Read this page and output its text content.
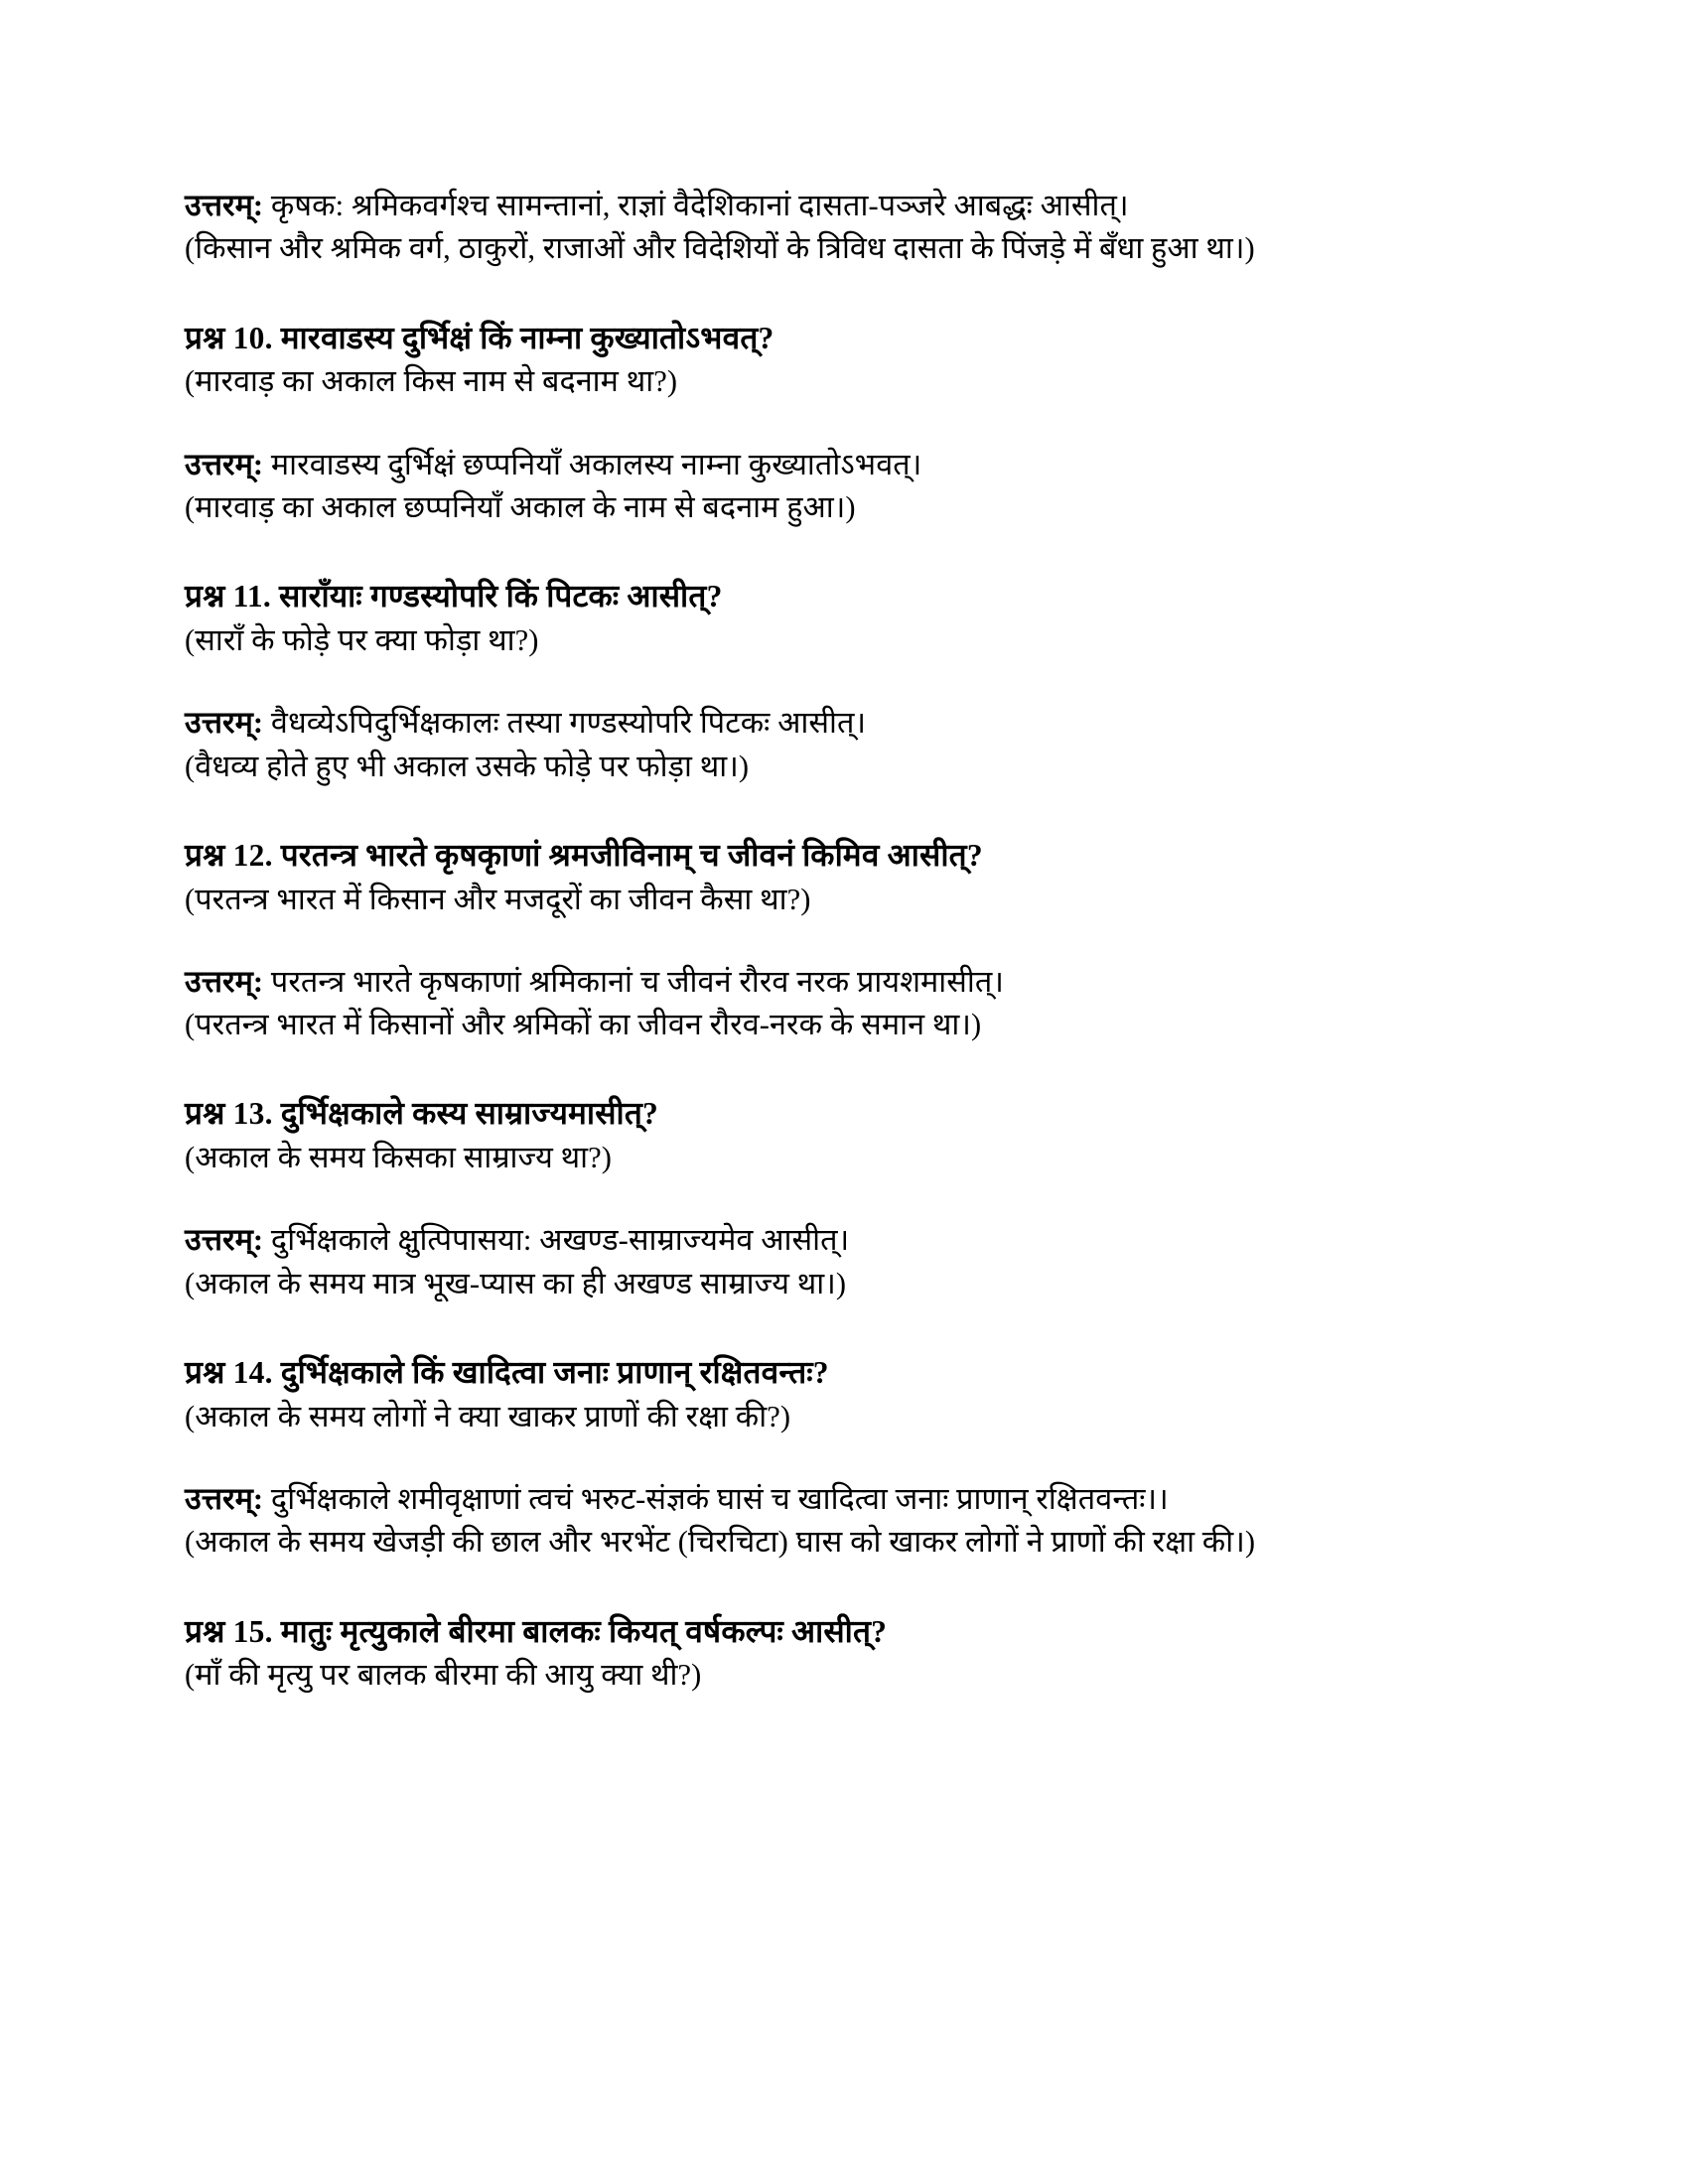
उत्तरम्: कृषक: श्रमिकवर्गश्च सामन्तानां, राज्ञां वैदेशिकानां दासता-पञ्जरे आबद्धः आसीत्।
(किसान और श्रमिक वर्ग, ठाकुरों, राजाओं और विदेशियों के त्रिविध दासता के पिंजड़े में बँधा हुआ था।)
प्रश्न 10. मारवाडस्य दुर्भिक्षं किं नाम्ना कुख्यातोऽभवत्?
(मारवाड़ का अकाल किस नाम से बदनाम था?)
उत्तरम्: मारवाडस्य दुर्भिक्षं छप्पनियाँ अकालस्य नाम्ना कुख्यातोऽभवत्।
(मारवाड़ का अकाल छप्पनियाँ अकाल के नाम से बदनाम हुआ।)
प्रश्न 11. साराँयाः गण्डस्योपरि किं पिटकः आसीत्?
(साराँ के फोड़े पर क्या फोड़ा था?)
उत्तरम्: वैधव्येऽपिदुर्भिक्षकालः तस्या गण्डस्योपरि पिटकः आसीत्।
(वैधव्य होते हुए भी अकाल उसके फोड़े पर फोड़ा था।)
प्रश्न 12. परतन्त्र भारते कृषकृाणां श्रमजीविनाम् च जीवनं किमिव आसीत्?
(परतन्त्र भारत में किसान और मजदूरों का जीवन कैसा था?)
उत्तरम्: परतन्त्र भारते कृषकाणां श्रमिकानां च जीवनं रौरव नरक प्रायशमासीत्।
(परतन्त्र भारत में किसानों और श्रमिकों का जीवन रौरव-नरक के समान था।)
प्रश्न 13. दुर्भिक्षकाले कस्य साम्राज्यमासीत्?
(अकाल के समय किसका साम्राज्य था?)
उत्तरम्: दुर्भिक्षकाले क्षुत्पिपासया: अखण्ड-साम्राज्यमेव आसीत्।
(अकाल के समय मात्र भूख-प्यास का ही अखण्ड साम्राज्य था।)
प्रश्न 14. दुर्भिक्षकाले किं खादित्वा जनाः प्राणान् रक्षितवन्तः?
(अकाल के समय लोगों ने क्या खाकर प्राणों की रक्षा की?)
उत्तरम्: दुर्भिक्षकाले शमीवृक्षाणां त्वचं भरुट-संज्ञकं घासं च खादित्वा जनाः प्राणान् रक्षितवन्तः।।
(अकाल के समय खेजड़ी की छाल और भरभेंट (चिरचिटा) घास को खाकर लोगों ने प्राणों की रक्षा की।)
प्रश्न 15. मातुः मृत्युकाले बीरमा बालकः कियत् वर्षकल्पः आसीत्?
(माँ की मृत्यु पर बालक बीरमा की आयु क्या थी?)
